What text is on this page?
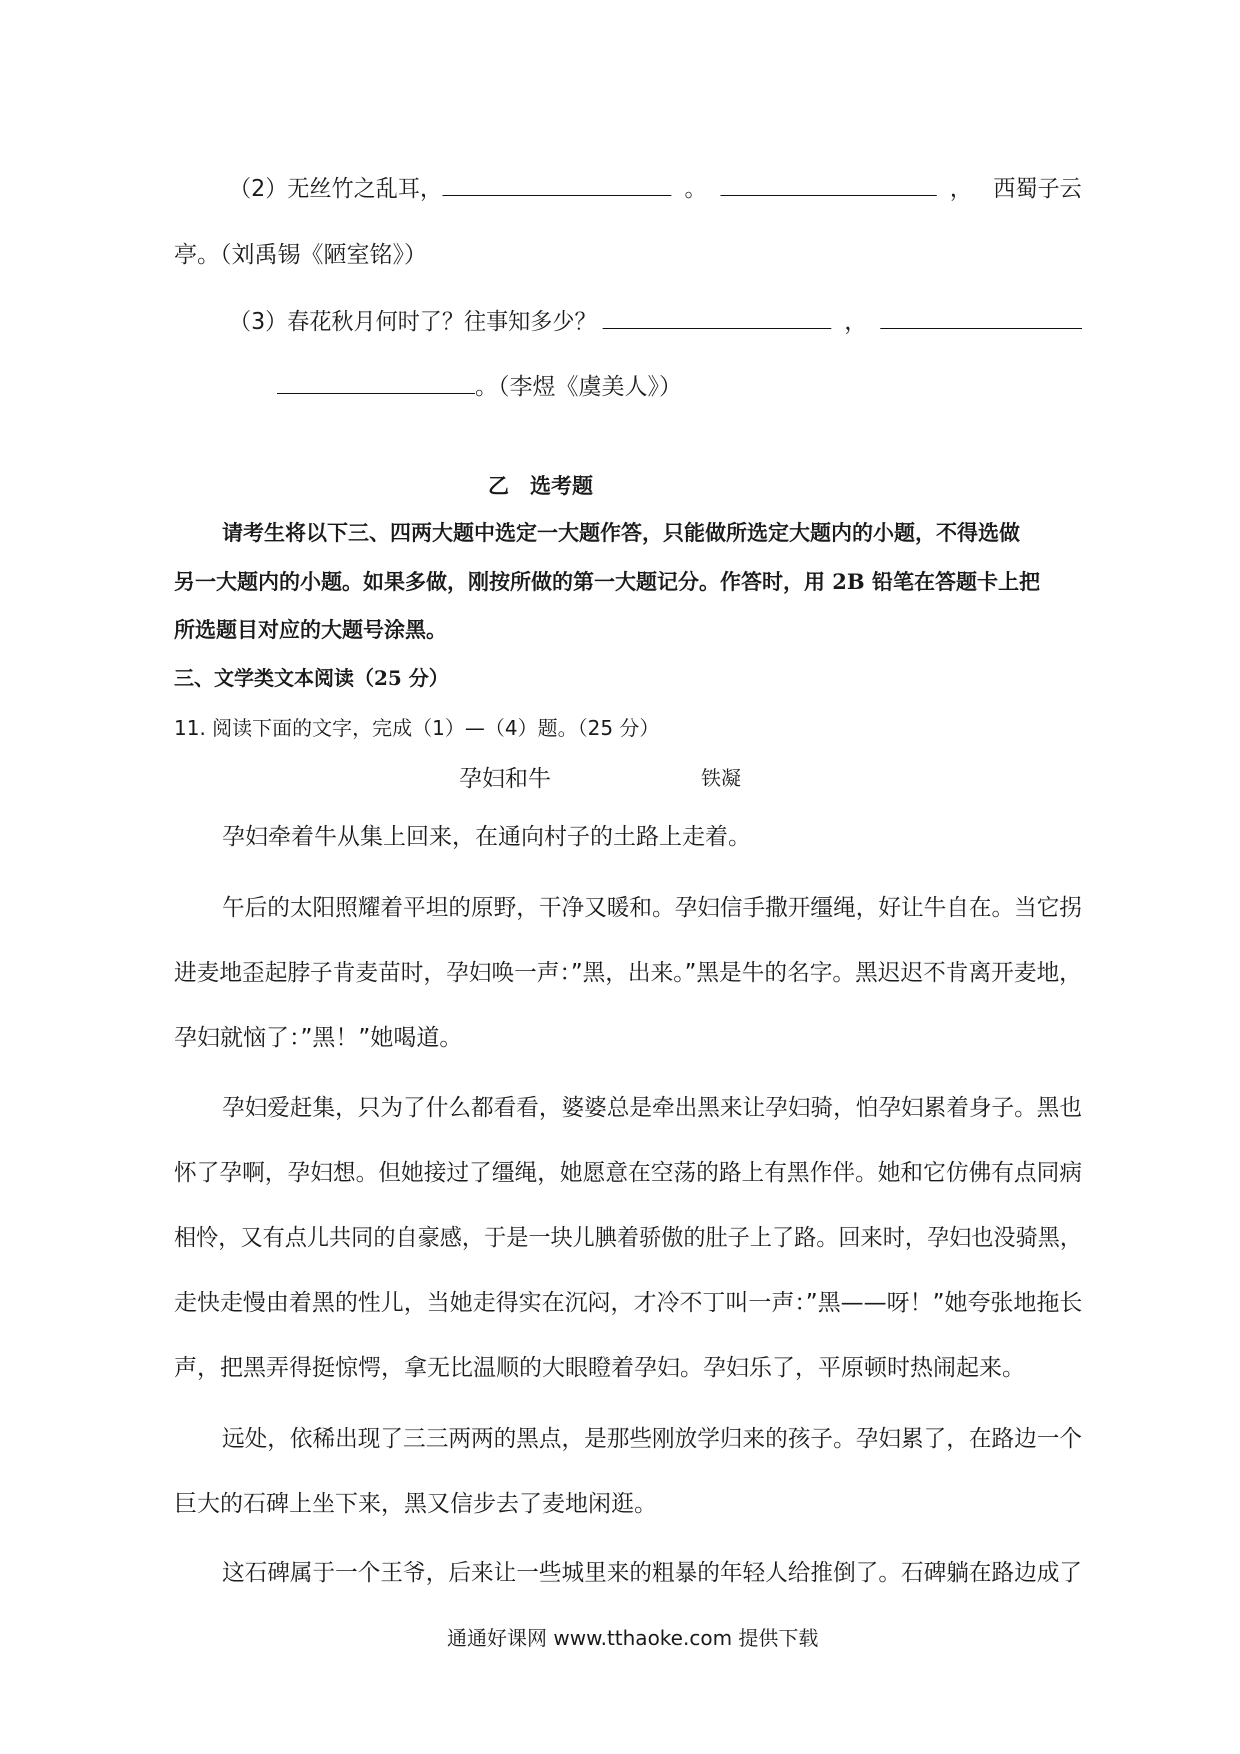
（2）无丝竹之乱耳，	。	， 西蜀子云
亭。（刘禹锡《陋室铭》）
（3）春花秋月何时了？往事知多少？	，
。（李煜《虞美人》）
乙　选考题
请考生将以下三、四两大题中选定一大题作答，只能做所选定大题内的小题，不得选做
另一大题内的小题。如果多做，刚按所做的第一大题记分。作答时，用 2B 铅笔在答题卡上把
所选题目对应的大题号涂黑。
三、文学类文本阅读（25 分）
11. 阅读下面的文字，完成（1）—（4）题。（25 分）
孕妇和牛	铁凝
孕妇牵着牛从集上回来，在通向村子的土路上走着。
午后的太阳照耀着平坦的原野，干净又暖和。孕妇信手撒开缰绳，好让牛自在。当它拐
进麦地歪起脖子肯麦苗时，孕妇唤一声：”黑，出来。”黑是牛的名字。黑迟迟不肯离开麦地，
孕妇就恼了：”黑！”她喝道。
孕妇爱赶集，只为了什么都看看，婆婆总是牵出黑来让孕妇骑，怕孕妇累着身子。黑也
怀了孕啊，孕妇想。但她接过了缰绳，她愿意在空荡的路上有黑作伴。她和它仿佛有点同病
相怜，又有点儿共同的自豪感，于是一块儿腆着骄傲的肚子上了路。回来时，孕妇也没骑黑，
走快走慢由着黑的性儿，当她走得实在沉闷，才冷不丁叫一声：”黑——呀！”她夸张地拖长
声，把黑弄得挺惊愕，拿无比温顺的大眼瞪着孕妇。孕妇乐了，平原顿时热闹起来。
远处，依稀出现了三三两两的黑点，是那些刚放学归来的孩子。孕妇累了，在路边一个
巨大的石碑上坐下来，黑又信步去了麦地闲逛。
这石碑属于一个王爷，后来让一些城里来的粗暴的年轻人给推倒了。石碑躺在路边成了
通通好课网 www.tthaoke.com 提供下载
